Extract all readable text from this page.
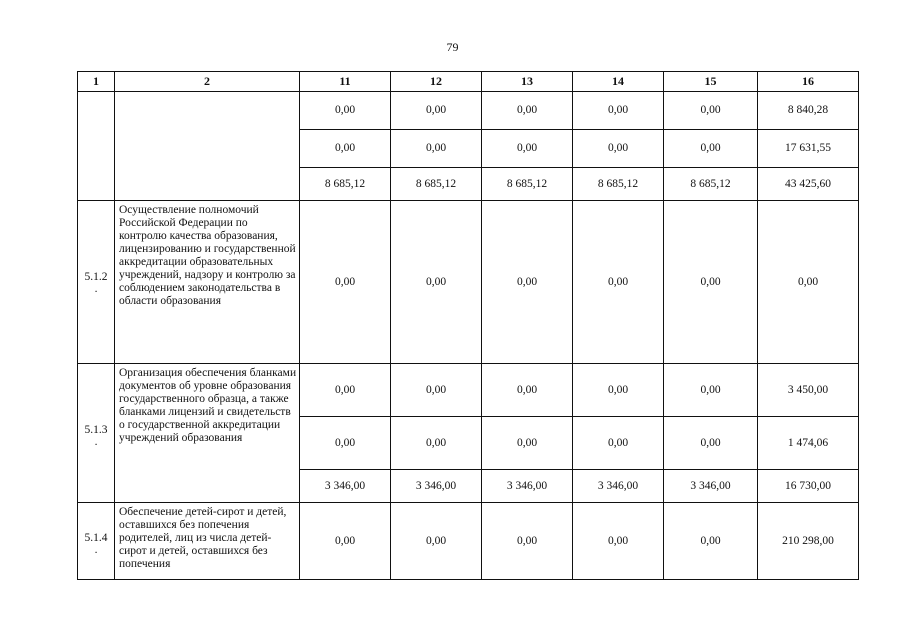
79
1	2	11	12	13	14	15	16
		0,00	0,00	0,00	0,00	0,00	8 840,28
		0,00	0,00	0,00	0,00	0,00	17 631,55
		8 685,12	8 685,12	8 685,12	8 685,12	8 685,12	43 425,60
5.1.2
.	Осуществление полномочий Российской Федерации по контролю качества образования, лицензированию и государственной аккредитации образовательных учреждений, надзору и контролю за соблюдением законодательства в области образования	0,00	0,00	0,00	0,00	0,00	0,00
5.1.3
.	Организация обеспечения бланками документов об уровне образования государственного образца, а также бланками лицензий и свидетельств о государственной аккредитации учреждений образования	0,00	0,00	0,00	0,00	0,00	3 450,00
		0,00	0,00	0,00	0,00	0,00	1 474,06
		3 346,00	3 346,00	3 346,00	3 346,00	3 346,00	16 730,00
5.1.4
.	Обеспечение детей-сирот и детей, оставшихся без попечения родителей, лиц из числа детей-сирот и детей, оставшихся без попечения	0,00	0,00	0,00	0,00	0,00	210 298,00
